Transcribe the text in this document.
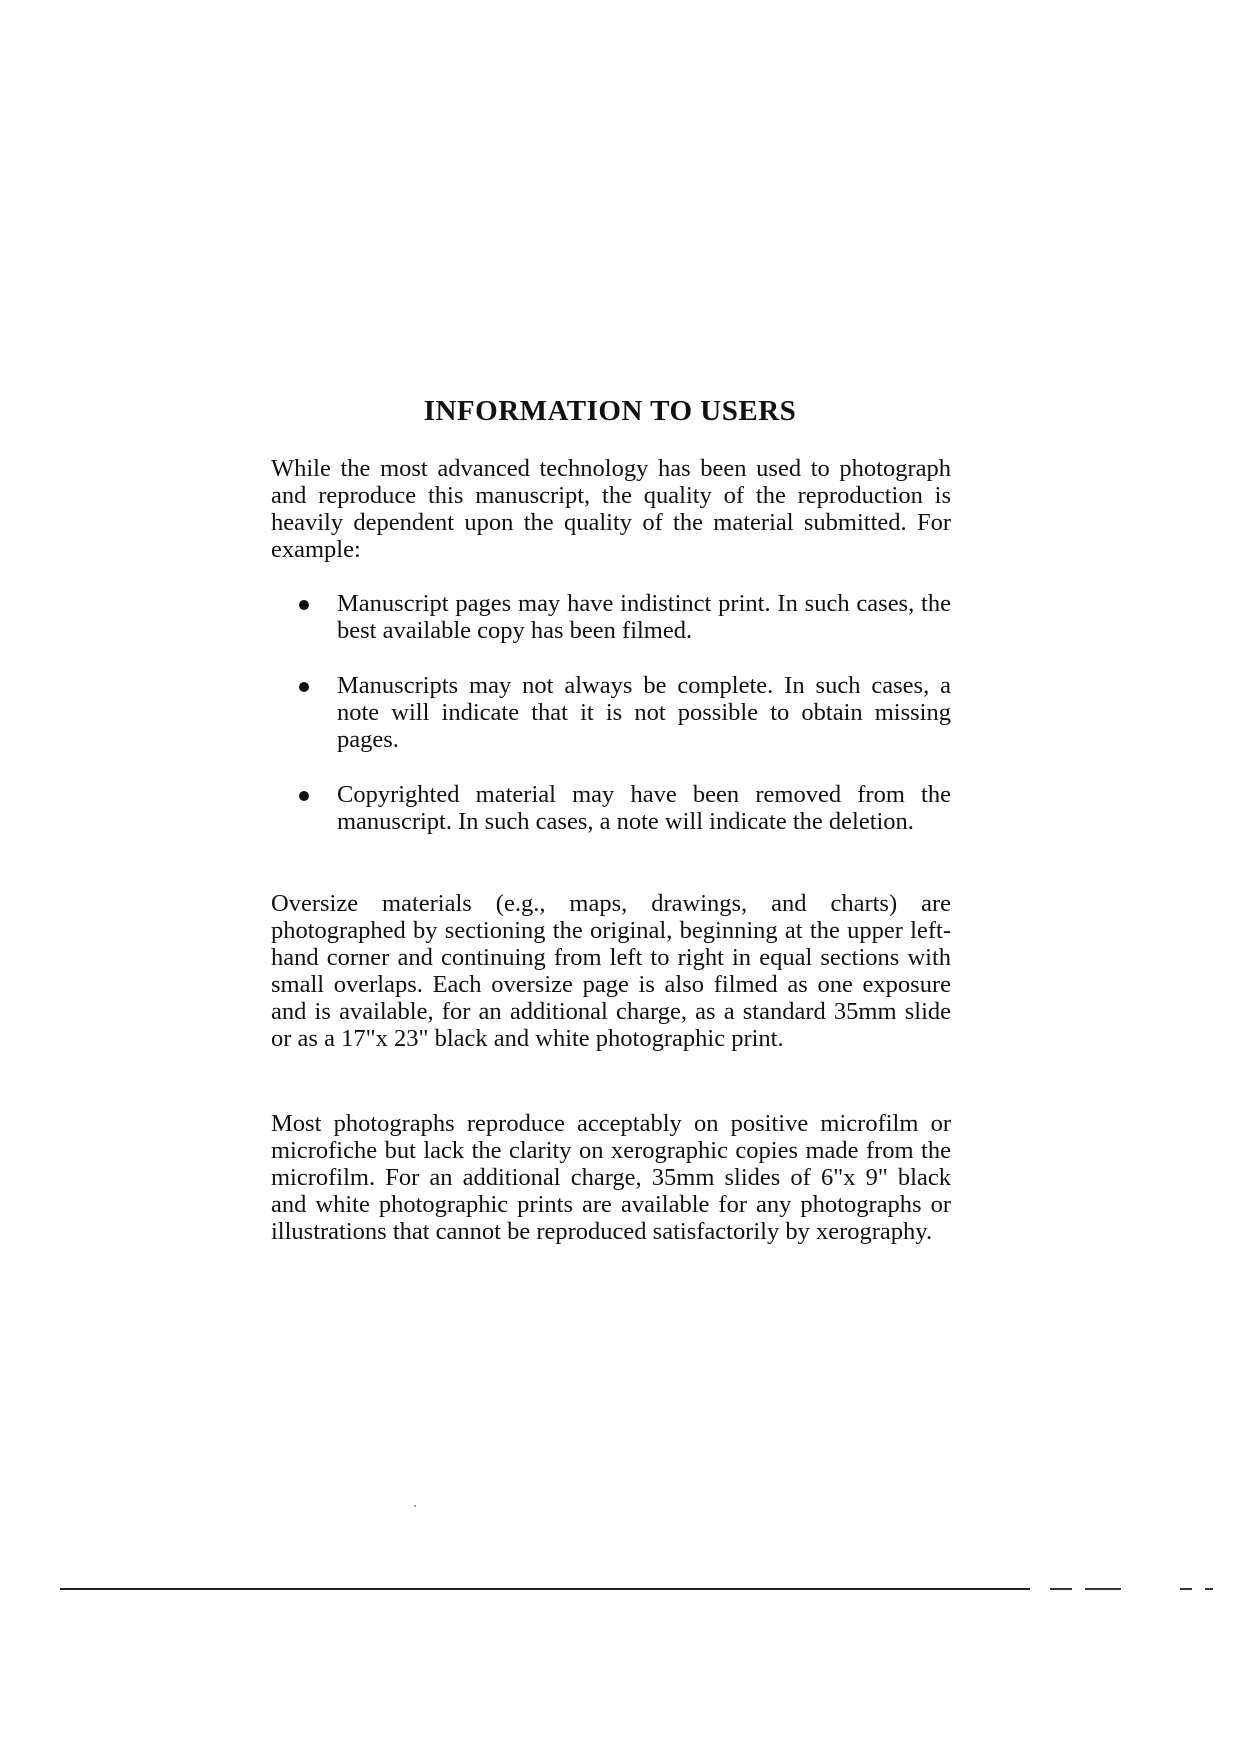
INFORMATION TO USERS

While the most advanced technology has been used to photograph and reproduce this manuscript, the quality of the reproduction is heavily dependent upon the quality of the material submitted. For example:

Manuscript pages may have indistinct print. In such cases, the best available copy has been filmed.
Manuscripts may not always be complete. In such cases, a note will indicate that it is not possible to obtain missing pages.
Copyrighted material may have been removed from the manuscript. In such cases, a note will indicate the deletion.

Oversize materials (e.g., maps, drawings, and charts) are photographed by sectioning the original, beginning at the upper left-hand corner and continuing from left to right in equal sections with small overlaps. Each oversize page is also filmed as one exposure and is available, for an additional charge, as a standard 35mm slide or as a 17"x 23" black and white photographic print.

Most photographs reproduce acceptably on positive microfilm or microfiche but lack the clarity on xerographic copies made from the microfilm. For an additional charge, 35mm slides of 6"x 9" black and white photographic prints are available for any photographs or illustrations that cannot be reproduced satisfactorily by xerography.
